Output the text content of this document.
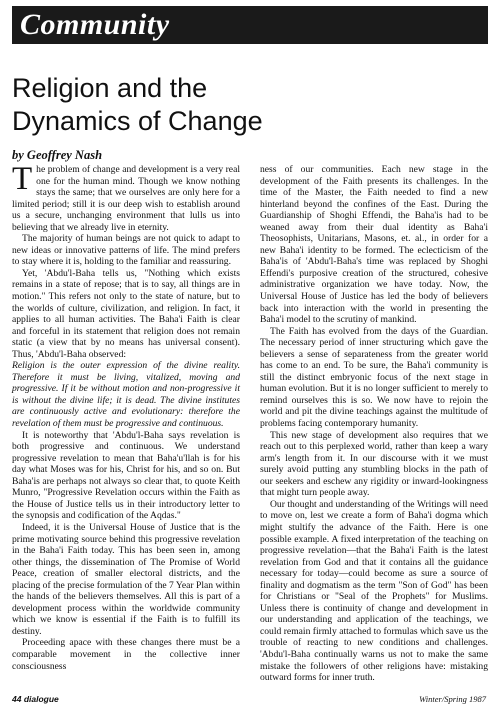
Community
Religion and the
Dynamics of Change
by Geoffrey Nash

The problem of change and development is a very real one for the human mind. Though we know nothing stays the same; that we ourselves are only here for a limited period; still it is our deep wish to establish around us a secure, unchanging environment that lulls us into believing that we already live in eternity.

The majority of human beings are not quick to adapt to new ideas or innovative patterns of life. The mind prefers to stay where it is, holding to the familiar and reassuring.

Yet, 'Abdu'l-Baha tells us, "Nothing which exists remains in a state of repose; that is to say, all things are in motion." This refers not only to the state of nature, but to the worlds of culture, civilization, and religion. In fact, it applies to all human activities. The Baha'i Faith is clear and forceful in its statement that religion does not remain static (a view that by no means has universal consent). Thus, 'Abdu'l-Baha observed:

Religion is the outer expression of the divine reality. Therefore it must be living, vitalized, moving and progressive. If it be without motion and non-progressive it is without the divine life; it is dead. The divine institutes are continuously active and evolutionary: therefore the revelation of them must be progressive and continuous.

It is noteworthy that 'Abdu'l-Baha says revelation is both progressive and continuous. We understand progressive revelation to mean that Baha'u'llah is for his day what Moses was for his, Christ for his, and so on. But Baha'is are perhaps not always so clear that, to quote Keith Munro, "Progressive Revelation occurs within the Faith as the House of Justice tells us in their introductory letter to the synopsis and codification of the Aqdas."

Indeed, it is the Universal House of Justice that is the prime motivating source behind this progressive revelation in the Baha'i Faith today. This has been seen in, among other things, the dissemination of The Promise of World Peace, creation of smaller electoral districts, and the placing of the precise formulation of the 7 Year Plan within the hands of the believers themselves. All this is part of a development process within the worldwide community which we know is essential if the Faith is to fulfill its destiny.

Proceeding apace with these changes there must be a comparable movement in the collective inner consciousness

ness of our communities. Each new stage in the development of the Faith presents its challenges. In the time of the Master, the Faith needed to find a new hinterland beyond the confines of the East. During the Guardianship of Shoghi Effendi, the Baha'is had to be weaned away from their dual identity as Baha'i Theosophists, Unitarians, Masons, et. al., in order for a new Baha'i identity to be formed. The eclecticism of the Baha'is of 'Abdu'l-Baha's time was replaced by Shoghi Effendi's purposive creation of the structured, cohesive administrative organization we have today. Now, the Universal House of Justice has led the body of believers back into interaction with the world in presenting the Baha'i model to the scrutiny of mankind.

The Faith has evolved from the days of the Guardian. The necessary period of inner structuring which gave the believers a sense of separateness from the greater world has come to an end. To be sure, the Baha'i community is still the distinct embryonic focus of the next stage in human evolution. But it is no longer sufficient to merely to remind ourselves this is so. We now have to rejoin the world and pit the divine teachings against the multitude of problems facing contemporary humanity.

This new stage of development also requires that we reach out to this perplexed world, rather than keep a wary arm's length from it. In our discourse with it we must surely avoid putting any stumbling blocks in the path of our seekers and eschew any rigidity or inward-lookingness that might turn people away.

Our thought and understanding of the Writings will need to move on, lest we create a form of Baha'i dogma which might stultify the advance of the Faith. Here is one possible example. A fixed interpretation of the teaching on progressive revelation—that the Baha'i Faith is the latest revelation from God and that it contains all the guidance necessary for today—could become as sure a source of finality and dogmatism as the term "Son of God" has been for Christians or "Seal of the Prophets" for Muslims. Unless there is continuity of change and development in our understanding and application of the teachings, we could remain firmly attached to formulas which save us the trouble of reacting to new conditions and challenges. 'Abdu'l-Baha continually warns us not to make the same mistake the followers of other religions have: mistaking outward forms for inner truth.

44 dialogue	Winter/Spring 1987
